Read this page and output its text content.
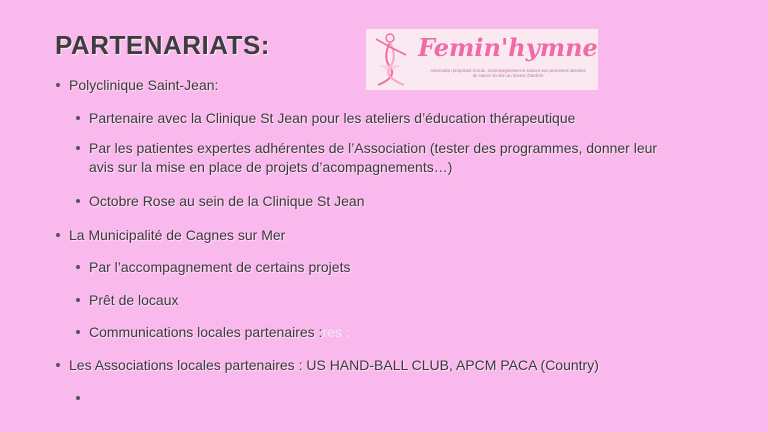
PARTENARIATS:	Femin'hymne
Association proposant écoute, accompagnement et soutien aux personnes atteintes de cancer du sein au travers d'ateliers
Polyclinique Saint-Jean:
Partenaire avec la Clinique St Jean pour les ateliers d’éducation thérapeutique
Par les patientes expertes adhérentes de l’Association (tester des programmes, donner leur
avis sur la mise en place de projets d’acompagnements…)
Octobre Rose au sein de la Clinique St Jean
La Municipalité de Cagnes sur Mer
Par l’accompagnement de certains projets
Prêt de locaux
Communications locales partenaires :res :
Les Associations locales partenaires : US HAND-BALL CLUB, APCM PACA (Country)
